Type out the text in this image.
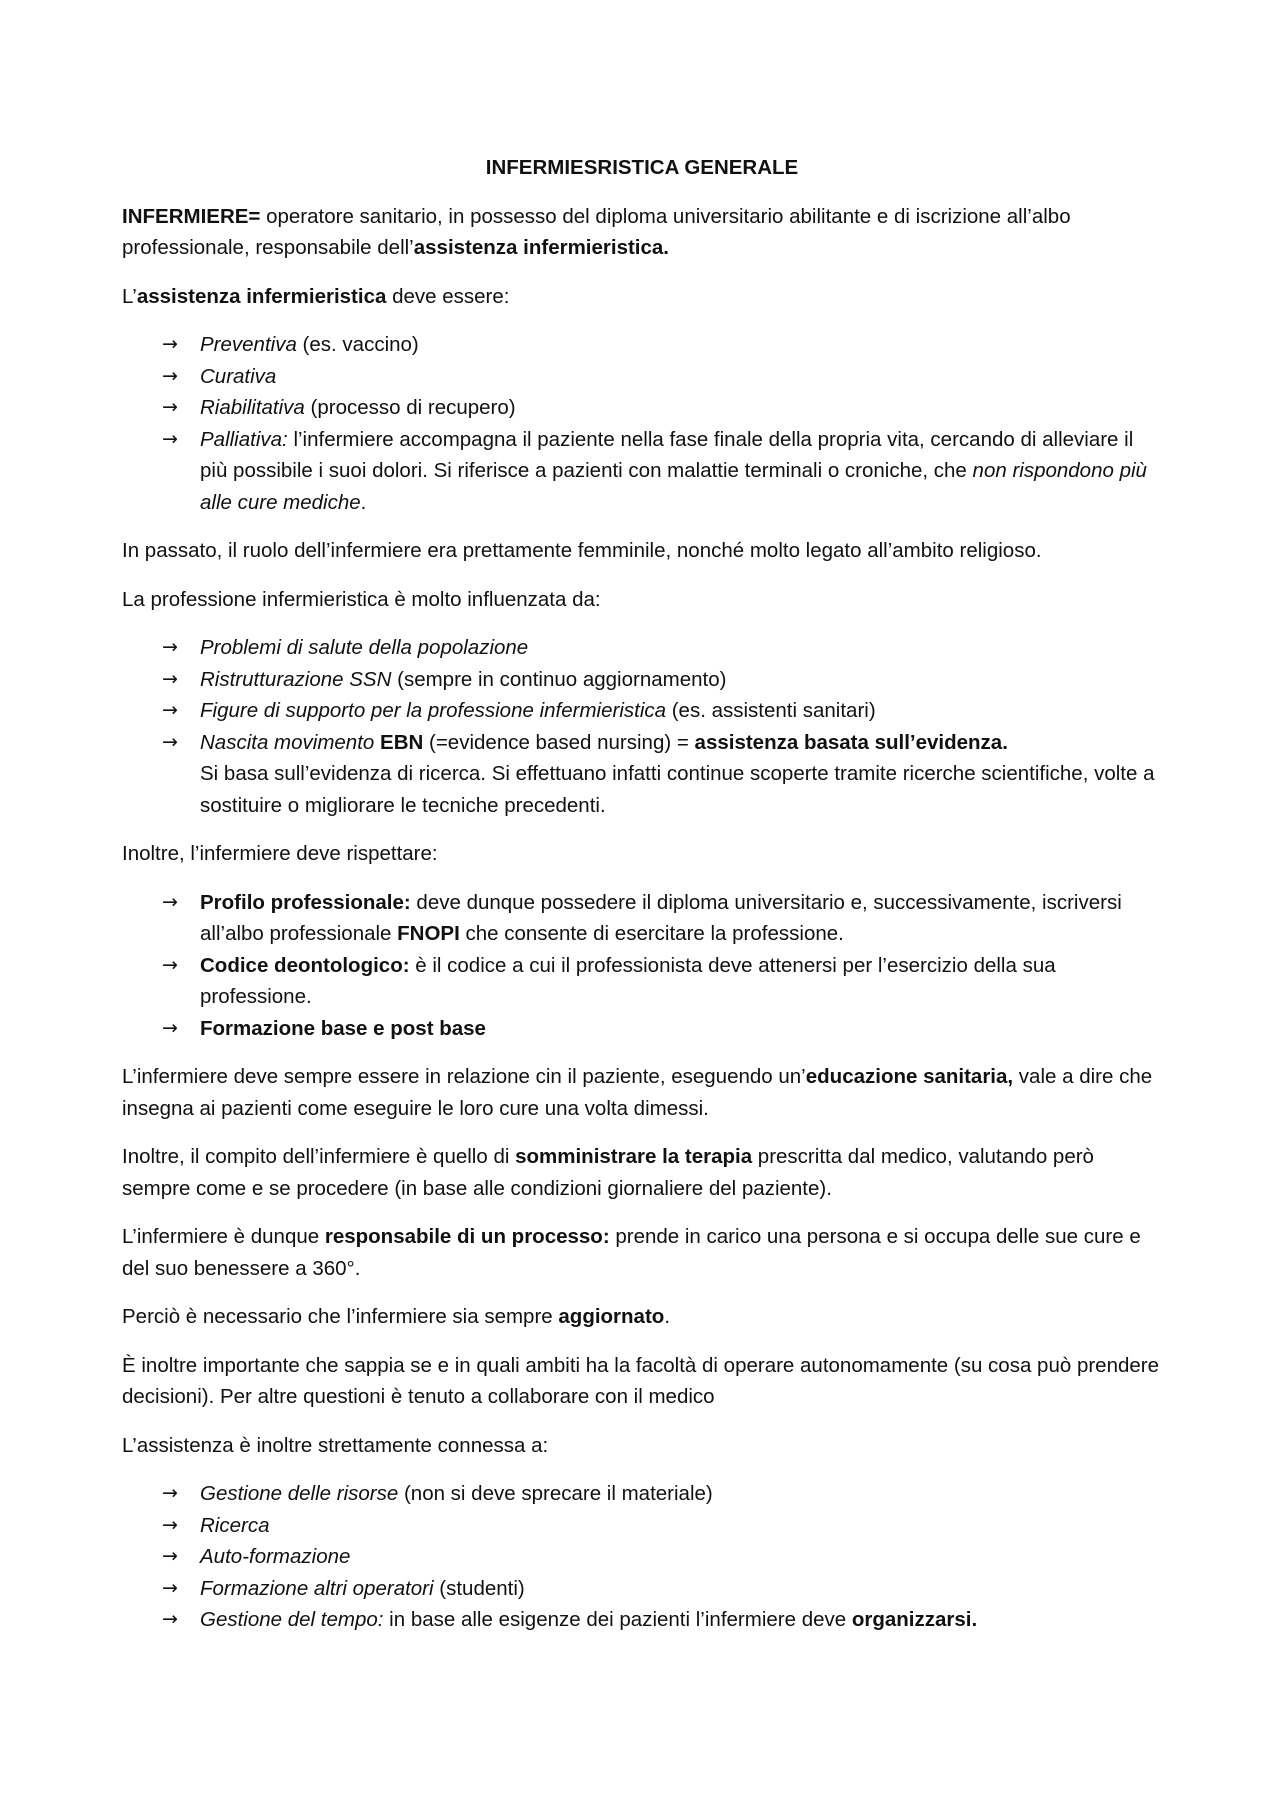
INFERMIESRISTICA GENERALE

INFERMIERE= operatore sanitario, in possesso del diploma universitario abilitante e di iscrizione all’albo professionale, responsabile dell’assistenza infermieristica.

L’assistenza infermieristica deve essere:

→ Preventiva (es. vaccino)
→ Curativa
→ Riabilitativa (processo di recupero)
→ Palliativa: l’infermiere accompagna il paziente nella fase finale della propria vita, cercando di alleviare il più possibile i suoi dolori. Si riferisce a pazienti con malattie terminali o croniche, che non rispondono più alle cure mediche.

In passato, il ruolo dell’infermiere era prettamente femminile, nonché molto legato all’ambito religioso.

La professione infermieristica è molto influenzata da:

→ Problemi di salute della popolazione
→ Ristrutturazione SSN (sempre in continuo aggiornamento)
→ Figure di supporto per la professione infermieristica (es. assistenti sanitari)
→ Nascita movimento EBN (=evidence based nursing) = assistenza basata sull’evidenza.
Si basa sull’evidenza di ricerca. Si effettuano infatti continue scoperte tramite ricerche scientifiche, volte a sostituire o migliorare le tecniche precedenti.

Inoltre, l’infermiere deve rispettare:

→ Profilo professionale: deve dunque possedere il diploma universitario e, successivamente, iscriversi all’albo professionale FNOPI che consente di esercitare la professione.
→ Codice deontologico: è il codice a cui il professionista deve attenersi per l’esercizio della sua professione.
→ Formazione base e post base

L’infermiere deve sempre essere in relazione cin il paziente, eseguendo un’educazione sanitaria, vale a dire che insegna ai pazienti come eseguire le loro cure una volta dimessi.

Inoltre, il compito dell’infermiere è quello di somministrare la terapia prescritta dal medico, valutando però sempre come e se procedere (in base alle condizioni giornaliere del paziente).

L’infermiere è dunque responsabile di un processo: prende in carico una persona e si occupa delle sue cure e del suo benessere a 360°.

Perciò è necessario che l’infermiere sia sempre aggiornato.

È inoltre importante che sappia se e in quali ambiti ha la facoltà di operare autonomamente (su cosa può prendere decisioni). Per altre questioni è tenuto a collaborare con il medico

L’assistenza è inoltre strettamente connessa a:

→ Gestione delle risorse (non si deve sprecare il materiale)
→ Ricerca
→ Auto-formazione
→ Formazione altri operatori (studenti)
→ Gestione del tempo: in base alle esigenze dei pazienti l’infermiere deve organizzarsi.
